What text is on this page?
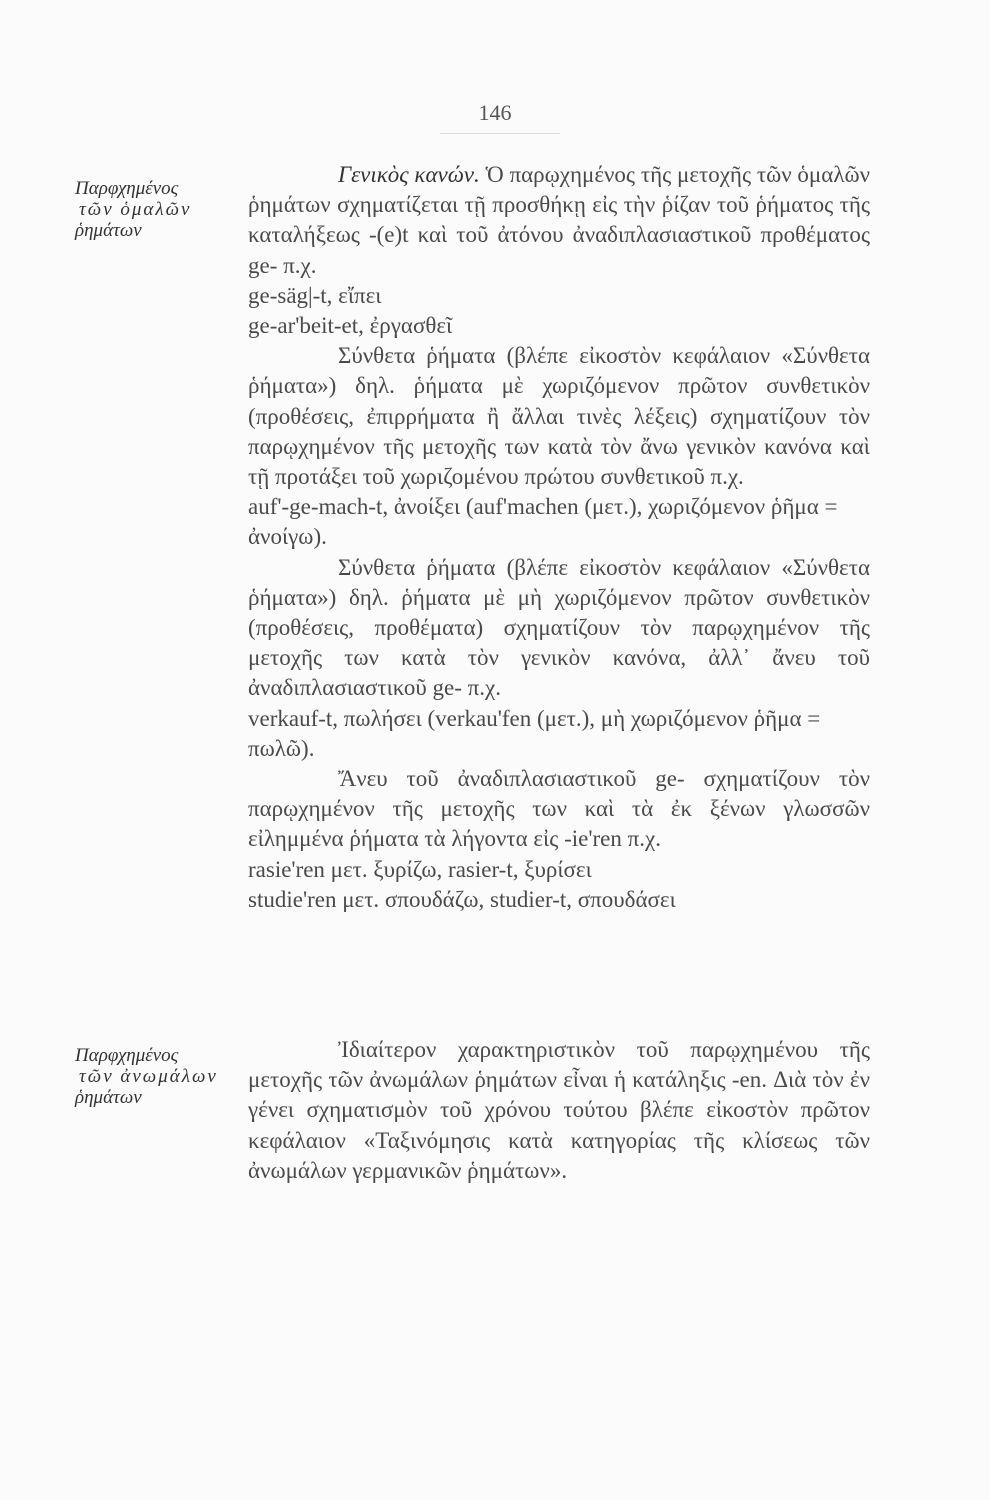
146
Παρφχημένος
τῶν ὁμαλῶν
ῥημάτων

Γενικὸς κανών. Ὁ παρῳχημένος τῆς μετοχῆς τῶν ὁμαλῶν ῥημάτων σχηματίζεται τῇ προσθήκῃ εἰς τὴν ῥίζαν τοῦ ῥήματος τῆς καταλήξεως -(e)t καὶ τοῦ ἀτόνου ἀναδιπλασιαστικοῦ προθέματος ge- π.χ.

ge-säg|-t, εἴπει

ge-ar'beit-et, ἐργασθεῖ

Σύνθετα ῥήματα (βλέπε εἰκοστὸν κεφάλαιον «Σύνθετα ῥήματα») δηλ. ῥήματα μὲ χωριζόμενον πρῶτον συνθετικὸν (προθέσεις, ἐπιρρήματα ἢ ἄλλαι τινὲς λέξεις) σχηματίζουν τὸν παρῳχημένον τῆς μετοχῆς των κατὰ τὸν ἄνω γενικὸν κανόνα καὶ τῇ προτάξει τοῦ χωριζομένου πρώτου συνθετικοῦ π.χ.

auf'-ge-mach-t, ἀνοίξει (auf'machen (μετ.), χωριζόμενον ῥῆμα = ἀνοίγω).

Σύνθετα ῥήματα (βλέπε εἰκοστὸν κεφάλαιον «Σύνθετα ῥήματα») δηλ. ῥήματα μὲ μὴ χωριζόμενον πρῶτον συνθετικὸν (προθέσεις, προθέματα) σχηματίζουν τὸν παρῳχημένον τῆς μετοχῆς των κατὰ τὸν γενικὸν κανόνα, ἀλλ᾽ ἄνευ τοῦ ἀναδιπλασιαστικοῦ ge- π.χ.

verkauf-t, πωλήσει (verkau'fen (μετ.), μὴ χωριζόμενον ῥῆμα = πωλῶ).

Ἄνευ τοῦ ἀναδιπλασιαστικοῦ ge- σχηματίζουν τὸν παρῳχημένον τῆς μετοχῆς των καὶ τὰ ἐκ ξένων γλωσσῶν εἰλημμένα ῥήματα τὰ λήγοντα εἰς -ie'ren π.χ.

rasie'ren μετ. ξυρίζω, rasier-t, ξυρίσει

studie'ren μετ. σπουδάζω, studier-t, σπουδάσει

Παρφχημένος
τῶν ἀνωμάλων
ῥημάτων

Ἰδιαίτερον χαρακτηριστικὸν τοῦ παρῳχημένου τῆς μετοχῆς τῶν ἀνωμάλων ῥημάτων εἶναι ἡ κατάληξις -en. Διὰ τὸν ἐν γένει σχηματισμὸν τοῦ χρόνου τούτου βλέπε εἰκοστὸν πρῶτον κεφάλαιον «Ταξινόμησις κατὰ κατηγορίας τῆς κλίσεως τῶν ἀνωμάλων γερμανικῶν ῥημάτων».
